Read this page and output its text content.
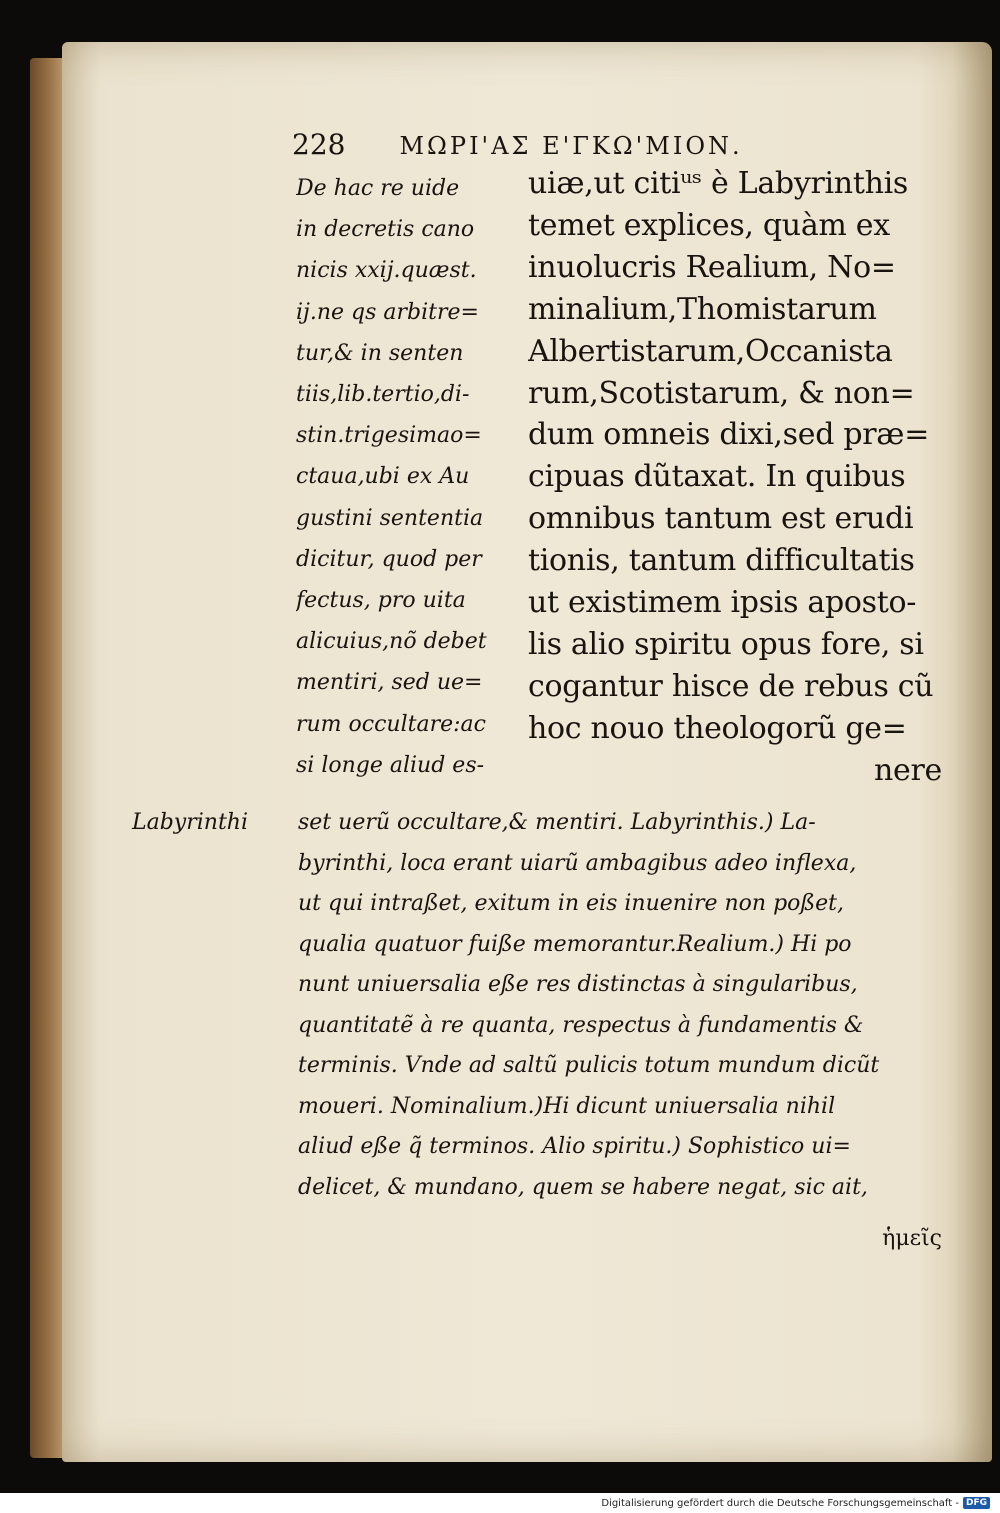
228 ΜΩΡΙ'ΑΣ Ε'ΓΚΩ'ΜΙΟΝ.
De hac re uide
in decretis cano
nicis xxij.quæst.
ij.ne qs arbitre=
tur,& in senten
tiis,lib.tertio,di-
stin.trigesimao=
ctaua,ubi ex Au
gustini sententia
dicitur, quod per
fectus, pro uita
alicuius,nõ debet
mentiri, sed ue=
rum occultare:ac
si longe aliud es-
uiæ,ut citiᵘˢ è Labyrinthis
temet explices, quàm ex
inuolucris Realium, No=
minalium,Thomistarum
Albertistarum,Occanista
rum,Scotistarum, & non=
dum omneis dixi,sed præ=
cipuas dũtaxat. In quibus
omnibus tantum est erudi
tionis, tantum difficultatis
ut existimem ipsis aposto-
lis alio spiritu opus fore, si
cogantur hisce de rebus cũ
hoc nouo theologorũ ge=
nere
Labyrinthi set uerũ occultare,& mentiri. Labyrinthis.) La-
byrinthi, loca erant uiarũ ambagibus adeo inflexa,
ut qui intraßet, exitum in eis inuenire non poßet,
qualia quatuor fuiße memorantur.Realium.) Hi po
nunt uniuersalia eße res distinctas à singularibus,
quantitatẽ à re quanta, respectus à fundamentis &
terminis. Vnde ad saltũ pulicis totum mundum dicũt
moueri. Nominalium.)Hi dicunt uniuersalia nihil
aliud eße q̃ terminos. Alio spiritu.) Sophistico ui=
delicet, & mundano, quem se habere negat, sic ait,
ἡμεῖς
Digitalisierung gefördert durch die Deutsche Forschungsgemeinschaft - DFG
